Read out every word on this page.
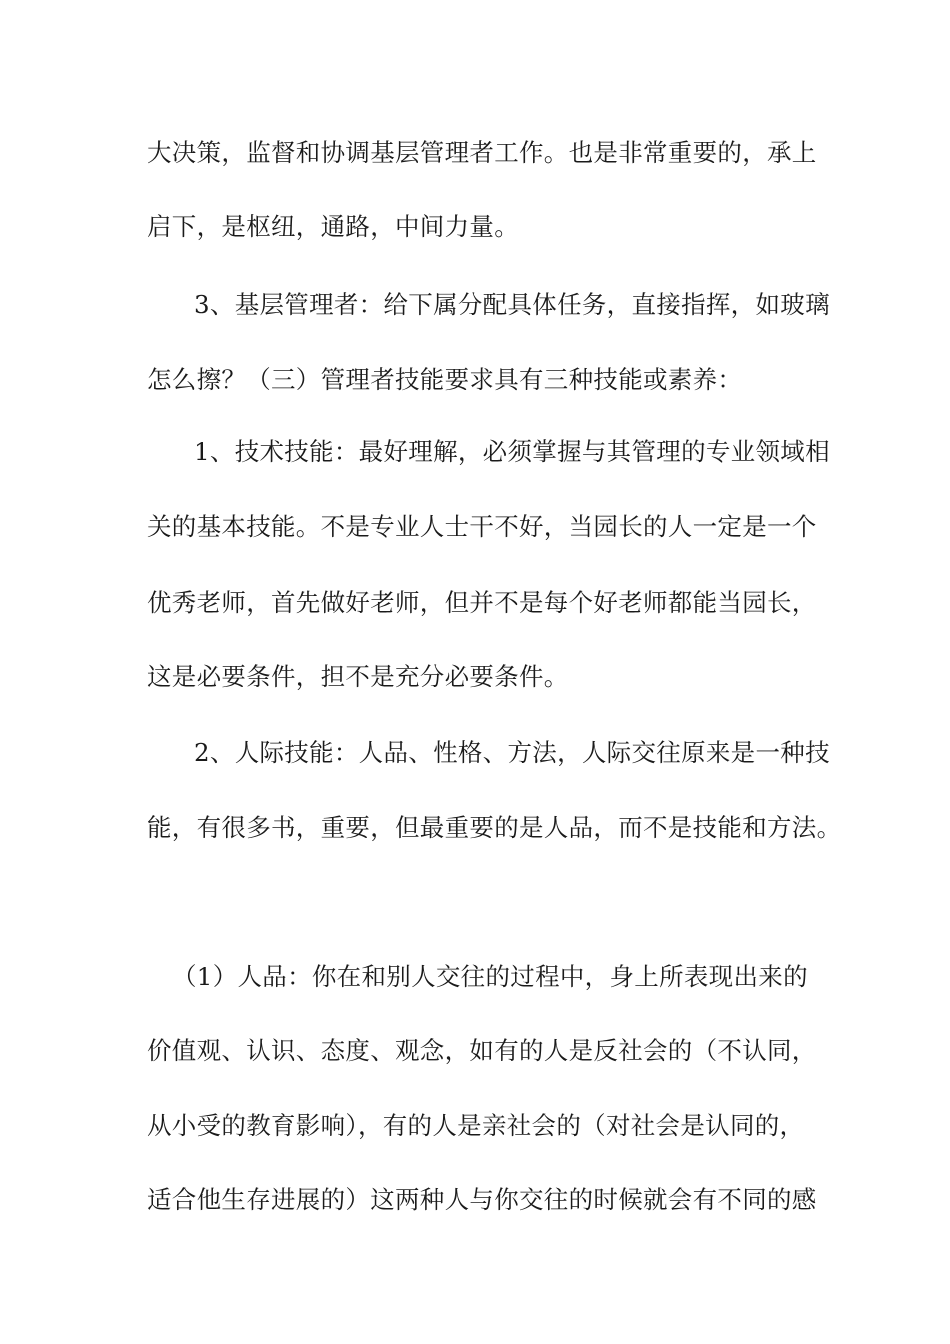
大决策，监督和协调基层管理者工作。也是非常重要的，承上
启下，是枢纽，通路，中间力量。
3、基层管理者：给下属分配具体任务，直接指挥，如玻璃
怎么擦？（三）管理者技能要求具有三种技能或素养：
1、技术技能：最好理解，必须掌握与其管理的专业领域相
关的基本技能。不是专业人士干不好，当园长的人一定是一个
优秀老师，首先做好老师，但并不是每个好老师都能当园长，
这是必要条件，担不是充分必要条件。
2、人际技能：人品、性格、方法，人际交往原来是一种技
能，有很多书，重要，但最重要的是人品，而不是技能和方法。
（1）人品：你在和别人交往的过程中，身上所表现出来的
价值观、认识、态度、观念，如有的人是反社会的（不认同，
从小受的教育影响），有的人是亲社会的（对社会是认同的，
适合他生存进展的）这两种人与你交往的时候就会有不同的感
